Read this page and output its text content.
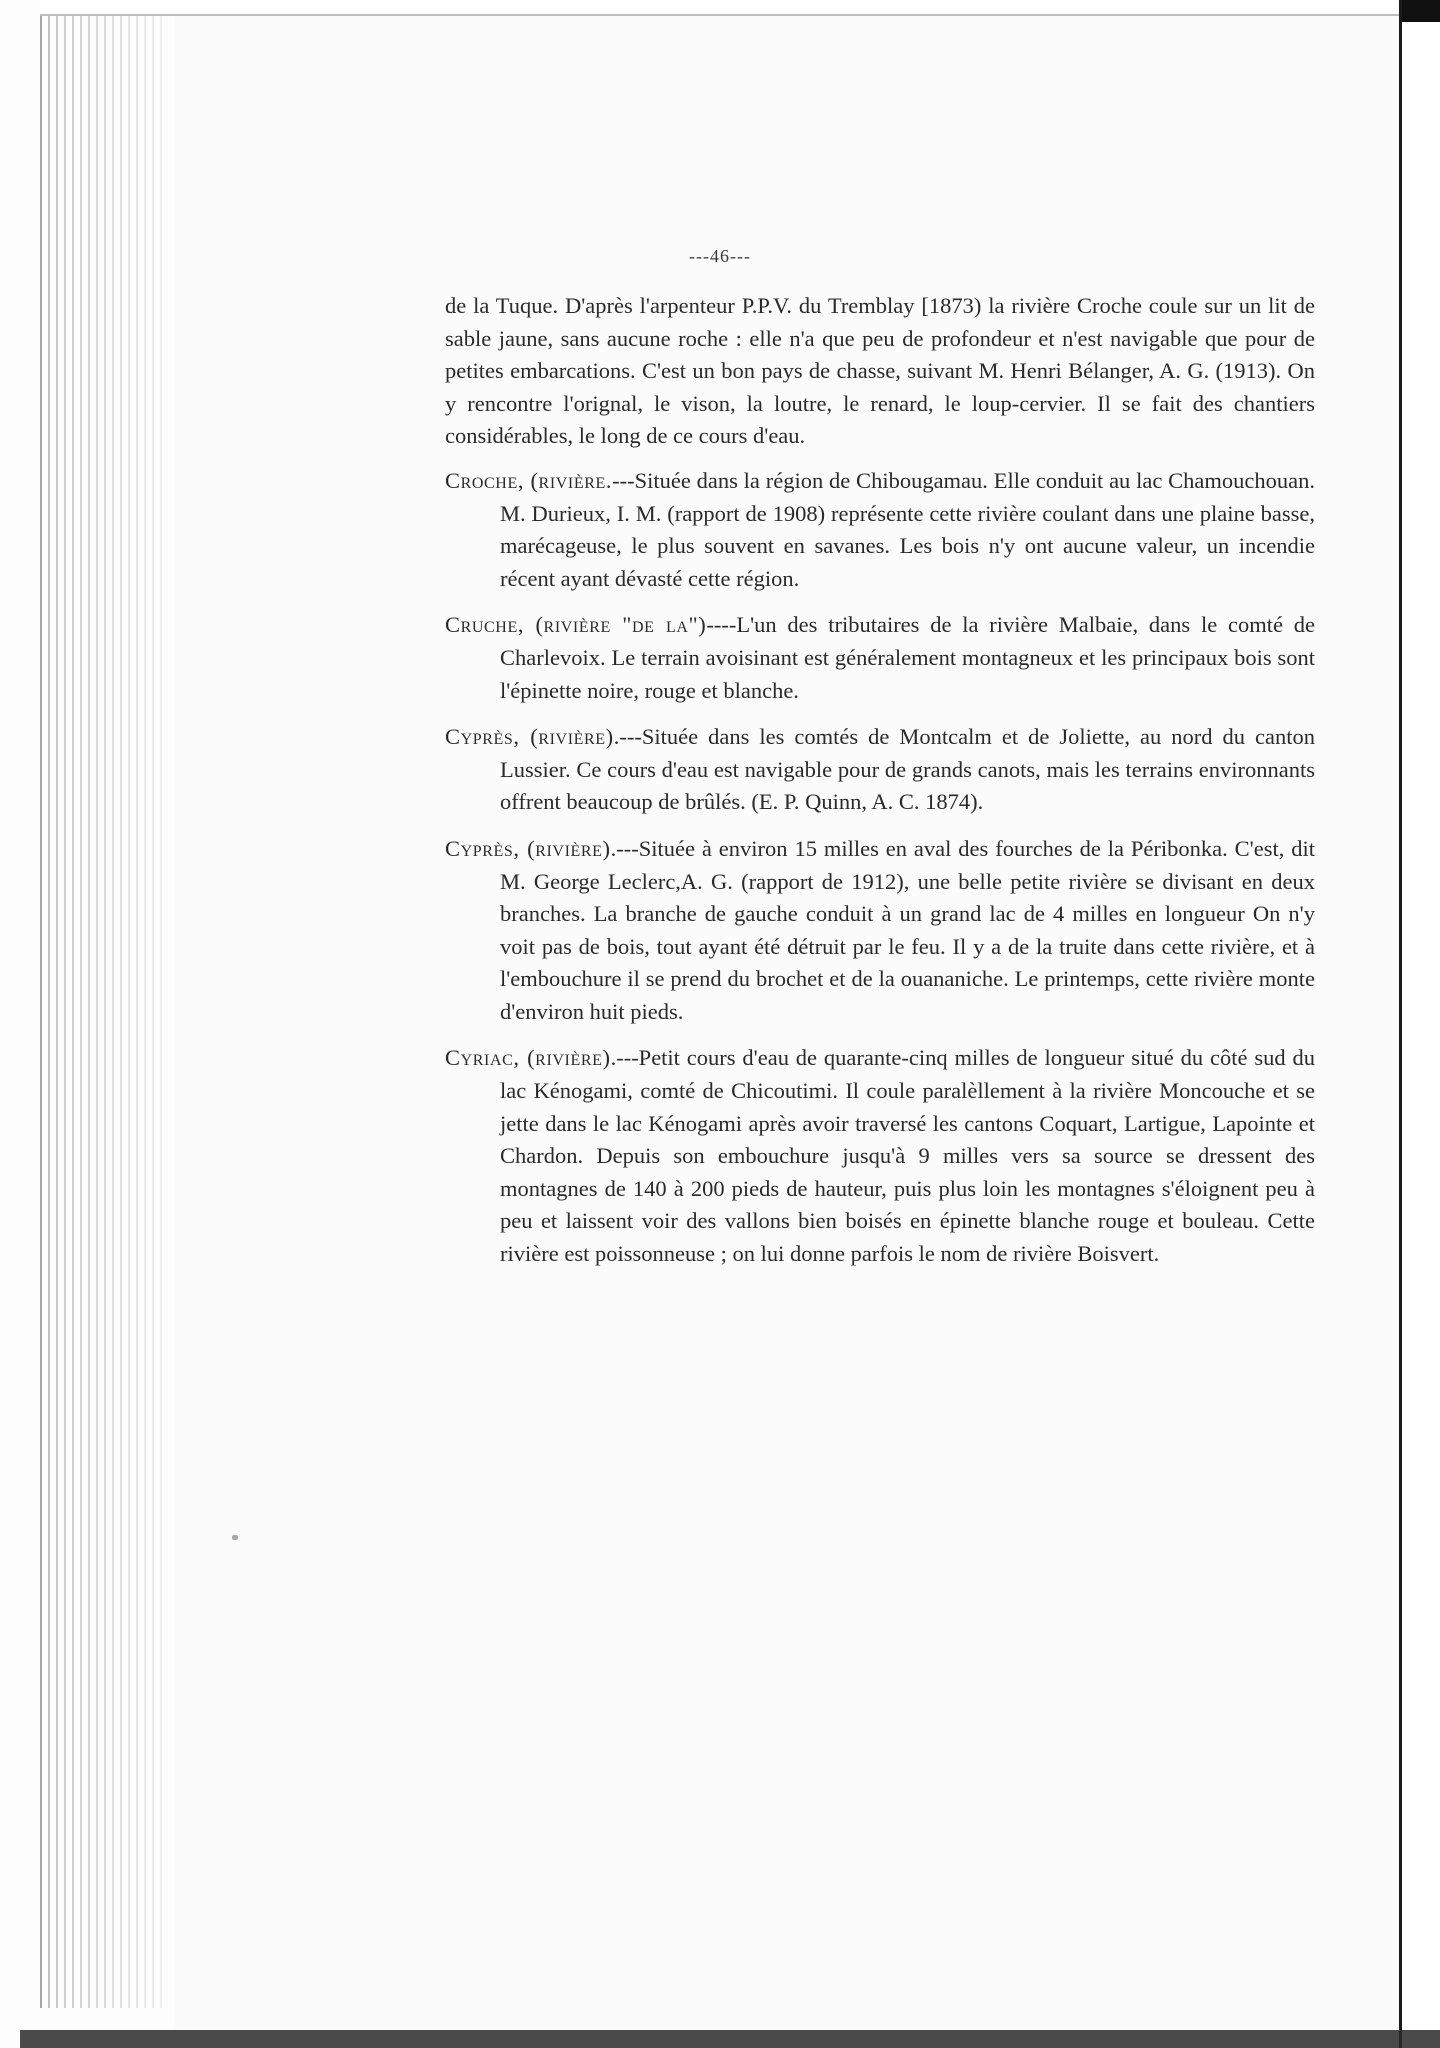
---46---

de la Tuque. D'après l'arpenteur P.P.V. du Tremblay [1873) la rivière Croche coule sur un lit de sable jaune, sans aucune roche : elle n'a que peu de profondeur et n'est navigable que pour de petites embarcations. C'est un bon pays de chasse, suivant M. Henri Bélanger, A. G. (1913). On y rencontre l'orignal, le vison, la loutre, le renard, le loup-cervier. Il se fait des chantiers considérables, le long de ce cours d'eau.

Croche, (rivière.---Située dans la région de Chibougamau. Elle conduit au lac Chamouchouan. M. Durieux, I. M. (rapport de 1908) représente cette rivière coulant dans une plaine basse, marécageuse, le plus souvent en savanes. Les bois n'y ont aucune valeur, un incendie récent ayant dévasté cette région.

Cruche, (rivière "de la")----L'un des tributaires de la rivière Malbaie, dans le comté de Charlevoix. Le terrain avoisinant est généralement montagneux et les principaux bois sont l'épinette noire, rouge et blanche.

Cyprès, (rivière).---Située dans les comtés de Montcalm et de Joliette, au nord du canton Lussier. Ce cours d'eau est navigable pour de grands canots, mais les terrains environnants offrent beaucoup de brûlés. (E. P. Quinn, A. C. 1874).

Cyprès, (rivière).---Située à environ 15 milles en aval des fourches de la Péribonka. C'est, dit M. George Leclerc,A. G. (rapport de 1912), une belle petite rivière se divisant en deux branches. La branche de gauche conduit à un grand lac de 4 milles en longueur On n'y voit pas de bois, tout ayant été détruit par le feu. Il y a de la truite dans cette rivière, et à l'embouchure il se prend du brochet et de la ouananiche. Le printemps, cette rivière monte d'environ huit pieds.

Cyriac, (rivière).---Petit cours d'eau de quarante-cinq milles de longueur situé du côté sud du lac Kénogami, comté de Chicoutimi. Il coule paralèllement à la rivière Moncouche et se jette dans le lac Kénogami après avoir traversé les cantons Coquart, Lartigue, Lapointe et Chardon. Depuis son embouchure jusqu'à 9 milles vers sa source se dressent des montagnes de 140 à 200 pieds de hauteur, puis plus loin les montagnes s'éloignent peu à peu et laissent voir des vallons bien boisés en épinette blanche rouge et bouleau. Cette rivière est poissonneuse ; on lui donne parfois le nom de rivière Boisvert.
